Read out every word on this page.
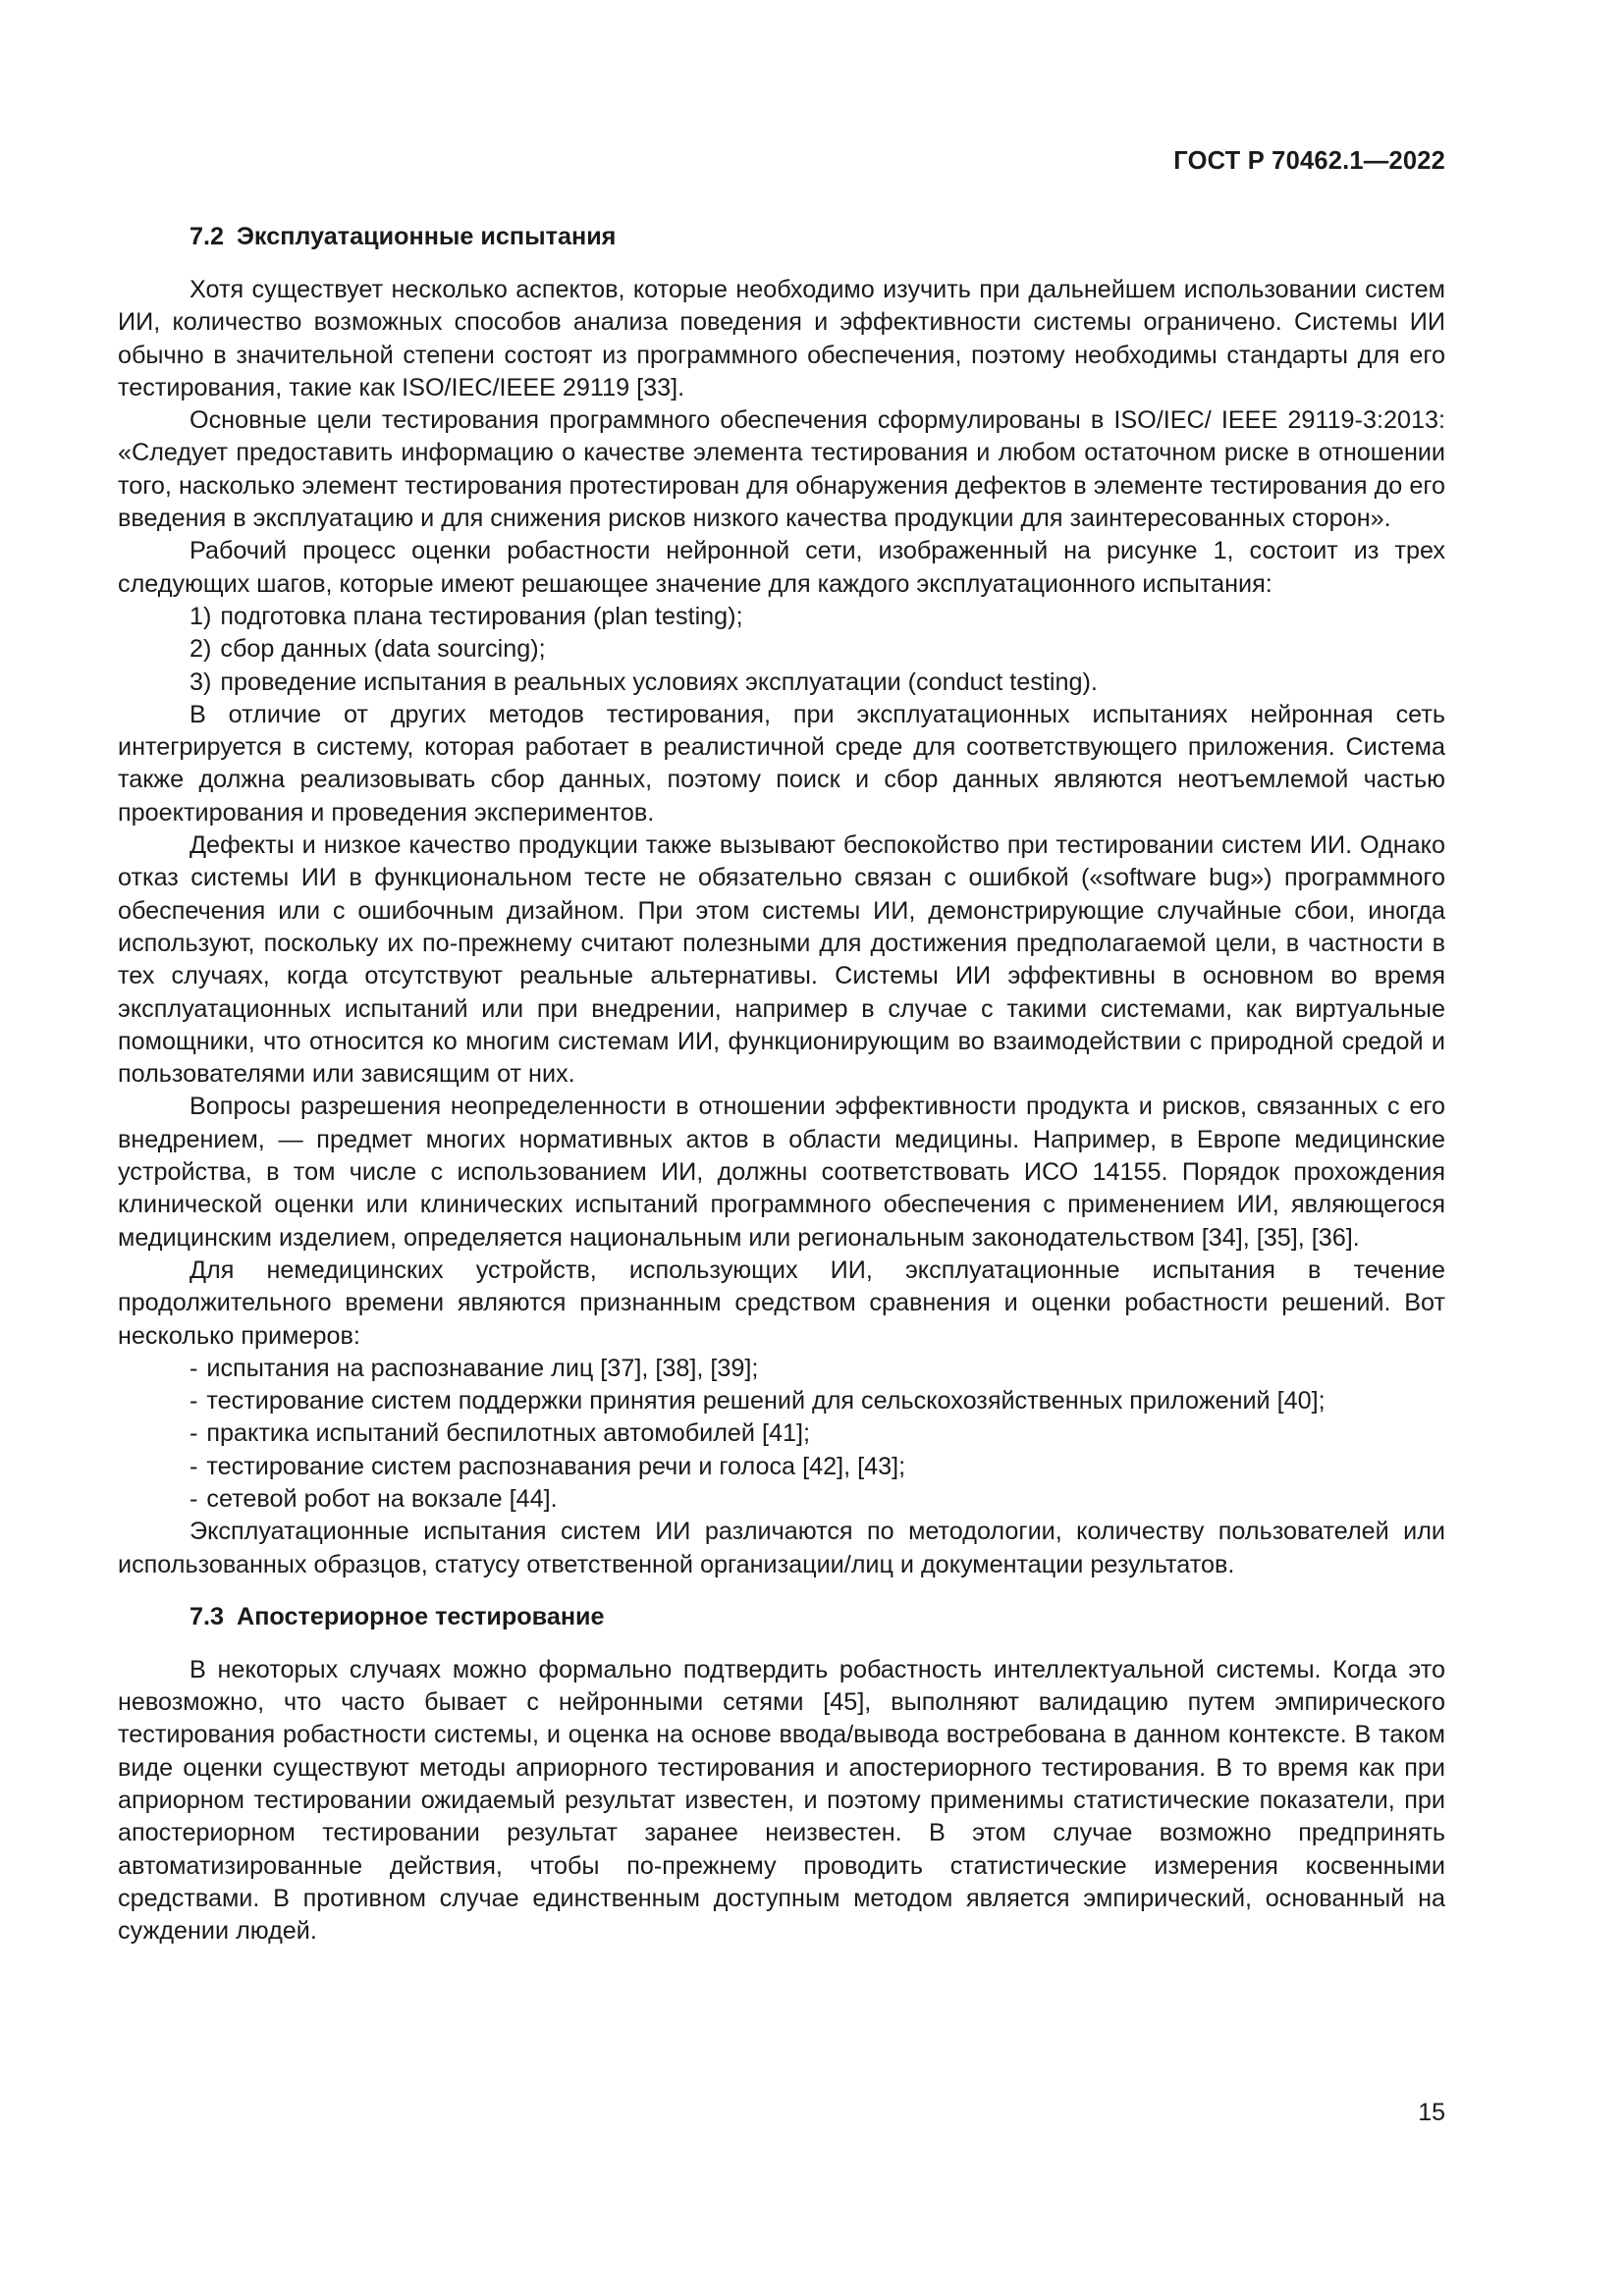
ГОСТ Р 70462.1—2022
7.2 Эксплуатационные испытания

Хотя существует несколько аспектов, которые необходимо изучить при дальнейшем использовании систем ИИ, количество возможных способов анализа поведения и эффективности системы ограничено. Системы ИИ обычно в значительной степени состоят из программного обеспечения, поэтому необходимы стандарты для его тестирования, такие как ISO/IEC/IEEE 29119 [33].

Основные цели тестирования программного обеспечения сформулированы в ISO/IEC/ IEEE 29119-3:2013: «Следует предоставить информацию о качестве элемента тестирования и любом остаточном риске в отношении того, насколько элемент тестирования протестирован для обнаружения дефектов в элементе тестирования до его введения в эксплуатацию и для снижения рисков низкого качества продукции для заинтересованных сторон».

Рабочий процесс оценки робастности нейронной сети, изображенный на рисунке 1, состоит из трех следующих шагов, которые имеют решающее значение для каждого эксплуатационного испытания:

1) подготовка плана тестирования (plan testing);
2) сбор данных (data sourcing);
3) проведение испытания в реальных условиях эксплуатации (conduct testing).

В отличие от других методов тестирования, при эксплуатационных испытаниях нейронная сеть интегрируется в систему, которая работает в реалистичной среде для соответствующего приложения. Система также должна реализовывать сбор данных, поэтому поиск и сбор данных являются неотъемлемой частью проектирования и проведения экспериментов.

Дефекты и низкое качество продукции также вызывают беспокойство при тестировании систем ИИ. Однако отказ системы ИИ в функциональном тесте не обязательно связан с ошибкой («software bug») программного обеспечения или с ошибочным дизайном. При этом системы ИИ, демонстрирующие случайные сбои, иногда используют, поскольку их по-прежнему считают полезными для достижения предполагаемой цели, в частности в тех случаях, когда отсутствуют реальные альтернативы. Системы ИИ эффективны в основном во время эксплуатационных испытаний или при внедрении, например в случае с такими системами, как виртуальные помощники, что относится ко многим системам ИИ, функционирующим во взаимодействии с природной средой и пользователями или зависящим от них.

Вопросы разрешения неопределенности в отношении эффективности продукта и рисков, связанных с его внедрением, — предмет многих нормативных актов в области медицины. Например, в Европе медицинские устройства, в том числе с использованием ИИ, должны соответствовать ИСО 14155. Порядок прохождения клинической оценки или клинических испытаний программного обеспечения с применением ИИ, являющегося медицинским изделием, определяется национальным или региональным законодательством [34], [35], [36].

Для немедицинских устройств, использующих ИИ, эксплуатационные испытания в течение продолжительного времени являются признанным средством сравнения и оценки робастности решений. Вот несколько примеров:

- испытания на распознавание лиц [37], [38], [39];
- тестирование систем поддержки принятия решений для сельскохозяйственных приложений [40];
- практика испытаний беспилотных автомобилей [41];
- тестирование систем распознавания речи и голоса [42], [43];
- сетевой робот на вокзале [44].

Эксплуатационные испытания систем ИИ различаются по методологии, количеству пользователей или использованных образцов, статусу ответственной организации/лиц и документации результатов.

7.3 Апостериорное тестирование

В некоторых случаях можно формально подтвердить робастность интеллектуальной системы. Когда это невозможно, что часто бывает с нейронными сетями [45], выполняют валидацию путем эмпирического тестирования робастности системы, и оценка на основе ввода/вывода востребована в данном контексте. В таком виде оценки существуют методы априорного тестирования и апостериорного тестирования. В то время как при априорном тестировании ожидаемый результат известен, и поэтому применимы статистические показатели, при апостериорном тестировании результат заранее неизвестен. В этом случае возможно предпринять автоматизированные действия, чтобы по-прежнему проводить статистические измерения косвенными средствами. В противном случае единственным доступным методом является эмпирический, основанный на суждении людей.

15
